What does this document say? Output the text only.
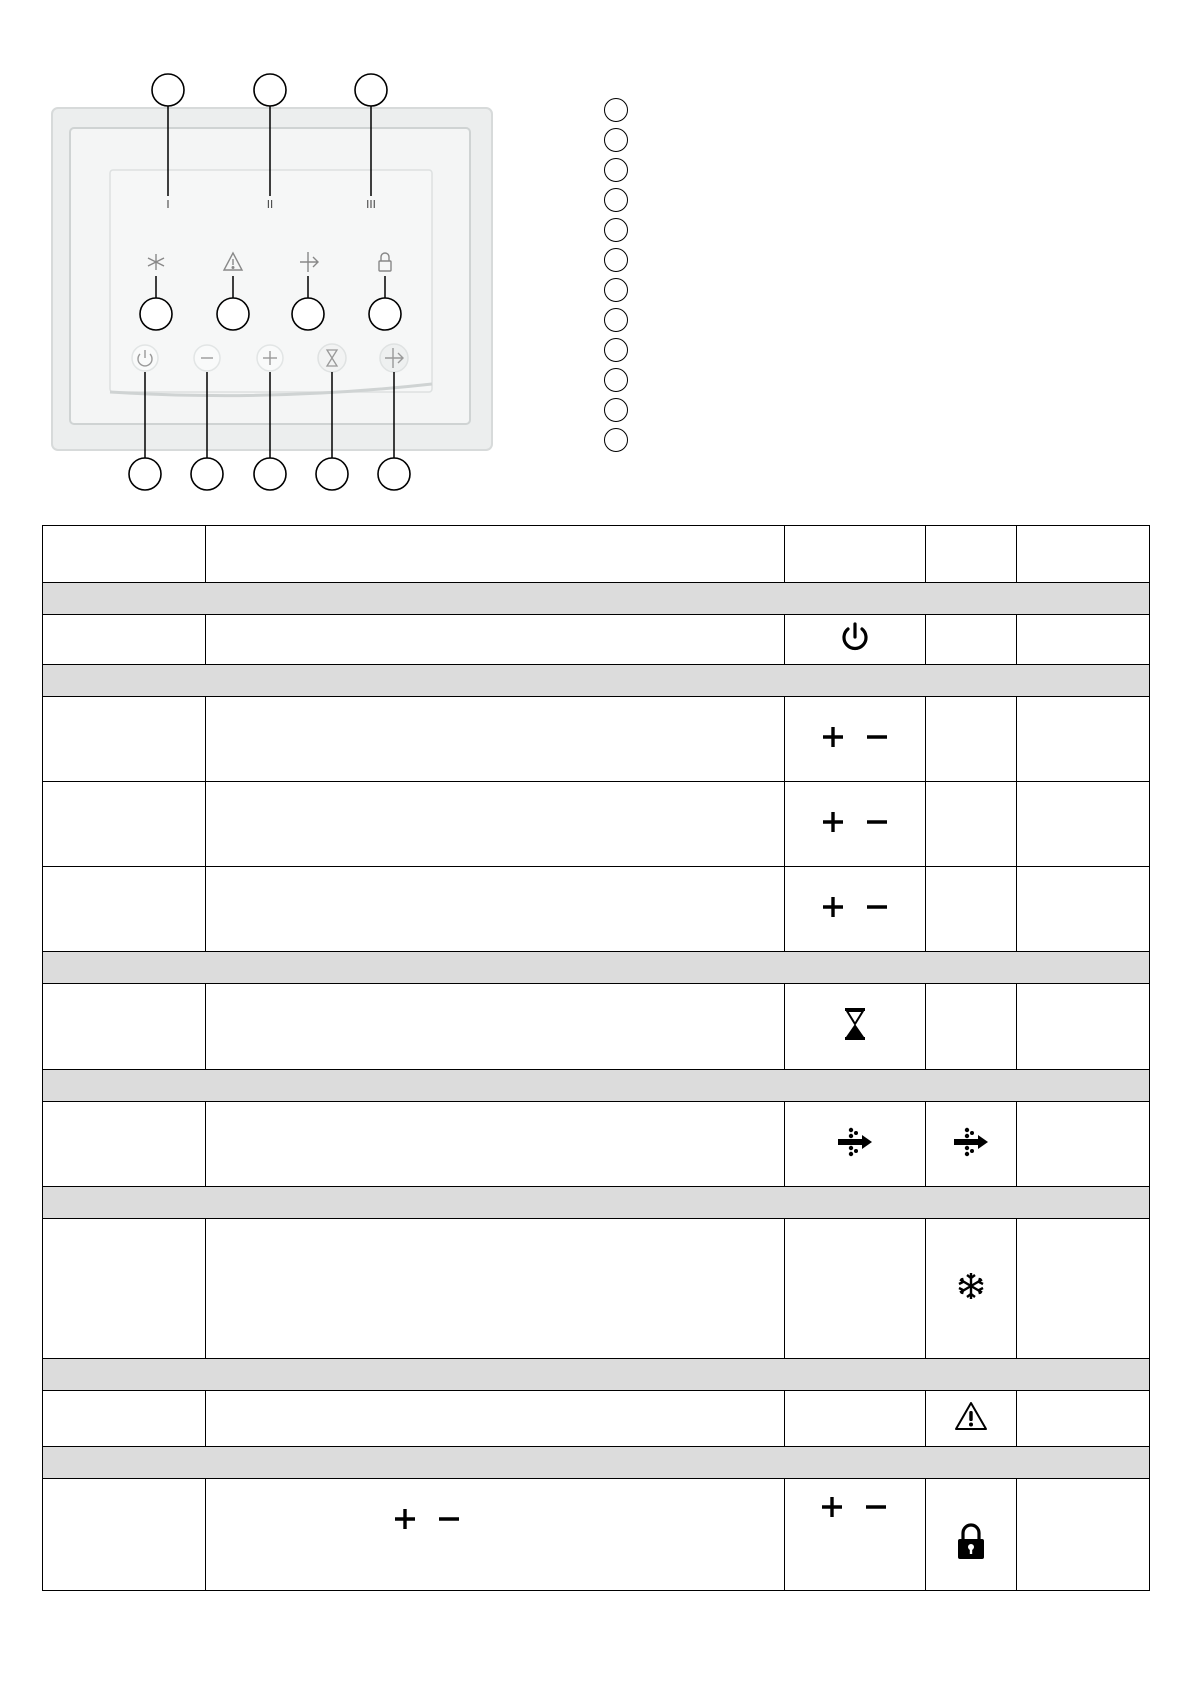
I	II	III
